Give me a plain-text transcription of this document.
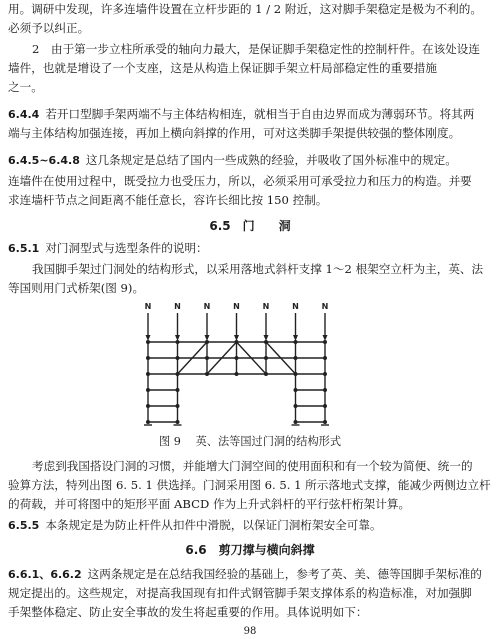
用。调研中发现，许多连墙件设置在立杆步距的 1 / 2 附近，这对脚手架稳定是极为不利的。

必须予以纠正。

2　由于第一步立柱所承受的轴向力最大，是保证脚手架稳定性的控制杆件。在该处设连

墙件，也就是增设了一个支座，这是从构造上保证脚手架立杆局部稳定性的重要措施

之一。

6.4.4 若开口型脚手架两端不与主体结构相连，就相当于自由边界而成为薄弱环节。将其两

端与主体结构加强连接，再加上横向斜撑的作用，可对这类脚手架提供较强的整体刚度。

6.4.5~6.4.8 这几条规定是总结了国内一些成熟的经验，并吸收了国外标准中的规定。

连墙件在使用过程中，既受拉力也受压力，所以，必须采用可承受拉力和压力的构造。并要

求连墙杆节点之间距离不能任意长，容许长细比按 150 控制。

6.5　门　　洞

6.5.1 对门洞型式与选型条件的说明：

我国脚手架过门洞处的结构形式，以采用落地式斜杆支撑 1～2 根架空立杆为主，英、法

等国则用门式桥架(图 9)。

N	N	N	N	N	N	N
图 9　 英、法等国过门洞的结构形式

考虑到我国搭设门洞的习惯，并能增大门洞空间的使用面积和有一个较为简便、统一的

验算方法，特列出图 6. 5. 1 供选择。门洞采用图 6. 5. 1 所示落地式支撑，能减少两侧边立杆

的荷载，并可将图中的矩形平面 ABCD 作为上升式斜杆的平行弦杆桁架计算。

6.5.5 本条规定是为防止杆件从扣件中滑脱，以保证门洞桁架安全可靠。

6.6　剪刀撑与横向斜撑

6.6.1、6.6.2 这两条规定是在总结我国经验的基础上，参考了英、美、德等国脚手架标准的

规定提出的。这些规定，对提高我国现有扣件式钢管脚手架支撑体系的构造标准，对加强脚

手架整体稳定、防止安全事故的发生将起重要的作用。具体说明如下：

98
